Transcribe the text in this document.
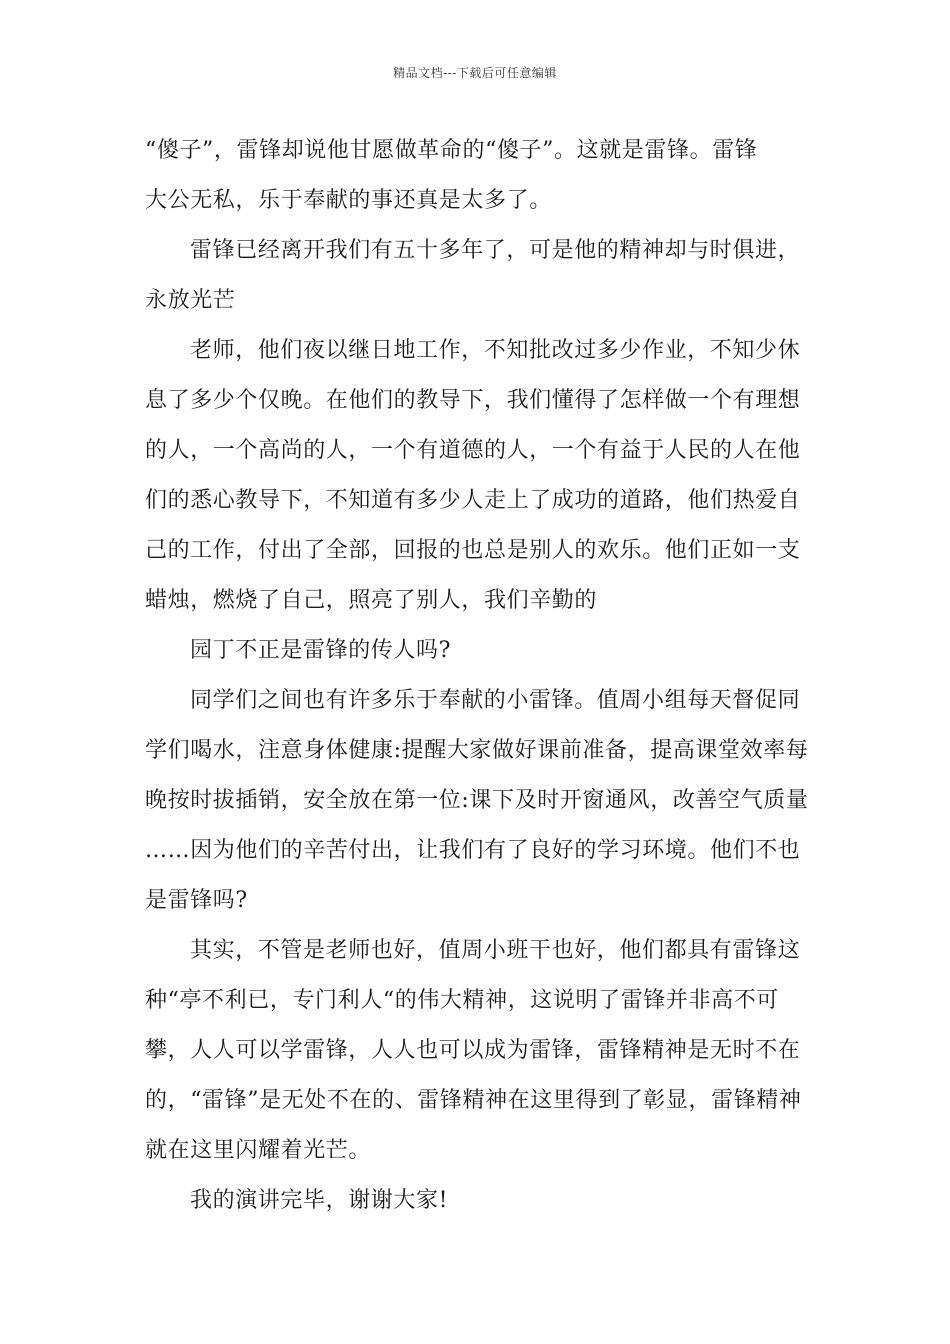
精品文档---下载后可任意编辑
“傻子”，雷锋却说他甘愿做革命的“傻子”。这就是雷锋。雷锋
大公无私，乐于奉献的事还真是太多了。
雷锋已经离开我们有五十多年了，可是他的精神却与时俱进，
永放光芒
老师，他们夜以继日地工作，不知批改过多少作业，不知少休
息了多少个仅晚。在他们的教导下，我们懂得了怎样做一个有理想
的人，一个高尚的人，一个有道德的人，一个有益于人民的人在他
们的悉心教导下，不知道有多少人走上了成功的道路，他们热爱自
己的工作，付出了全部，回报的也总是别人的欢乐。他们正如一支
蜡烛，燃烧了自己，照亮了别人，我们辛勤的
园丁不正是雷锋的传人吗?
同学们之间也有许多乐于奉献的小雷锋。值周小组每天督促同
学们喝水，注意身体健康:提醒大家做好课前准备，提高课堂效率每
晚按时拔插销，安全放在第一位:课下及时开窗通风，改善空气质量
……因为他们的辛苦付出，让我们有了良好的学习环境。他们不也
是雷锋吗?
其实，不管是老师也好，值周小班干也好，他们都具有雷锋这
种“亭不利已，专门利人“的伟大精神，这说明了雷锋并非高不可
攀，人人可以学雷锋，人人也可以成为雷锋，雷锋精神是无时不在
的，“雷锋”是无处不在的、雷锋精神在这里得到了彰显，雷锋精神
就在这里闪耀着光芒。
我的演讲完毕，谢谢大家!
